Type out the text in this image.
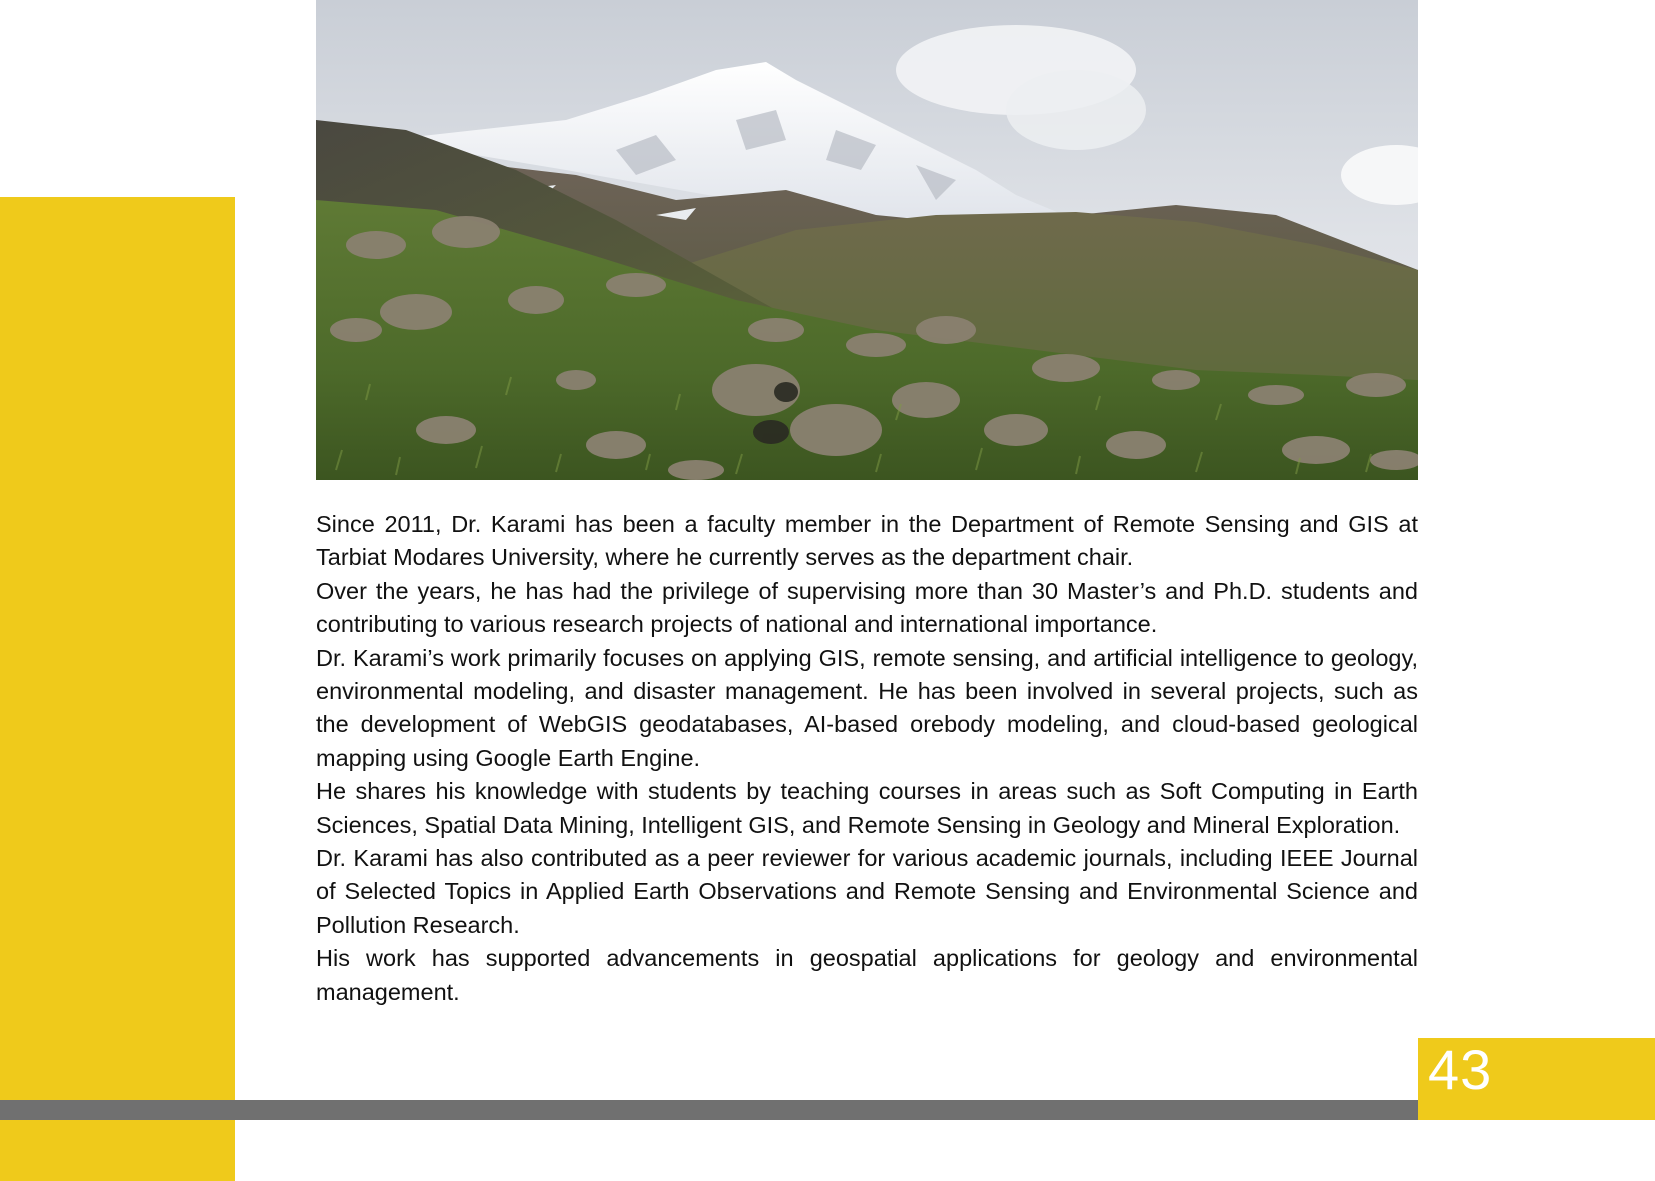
Since 2011, Dr. Karami has been a faculty member in the Department of Remote Sensing and GIS at Tarbiat Modares University, where he currently serves as the department chair.

Over the years, he has had the privilege of supervising more than 30 Master’s and Ph.D. students and contributing to various research projects of national and international importance.

Dr. Karami’s work primarily focuses on applying GIS, remote sensing, and artificial intelligence to geology, environmental modeling, and disaster management. He has been involved in several projects, such as the development of WebGIS geodatabases, AI-based orebody modeling, and cloud-based geological mapping using Google Earth Engine.

He shares his knowledge with students by teaching courses in areas such as Soft Computing in Earth Sciences, Spatial Data Mining, Intelligent GIS, and Remote Sensing in Geology and Mineral Exploration.

Dr. Karami has also contributed as a peer reviewer for various academic journals, including IEEE Journal of Selected Topics in Applied Earth Observations and Remote Sensing and Environmental Science and Pollution Research.

His work has supported advancements in geospatial applications for geology and environmental management.

43
